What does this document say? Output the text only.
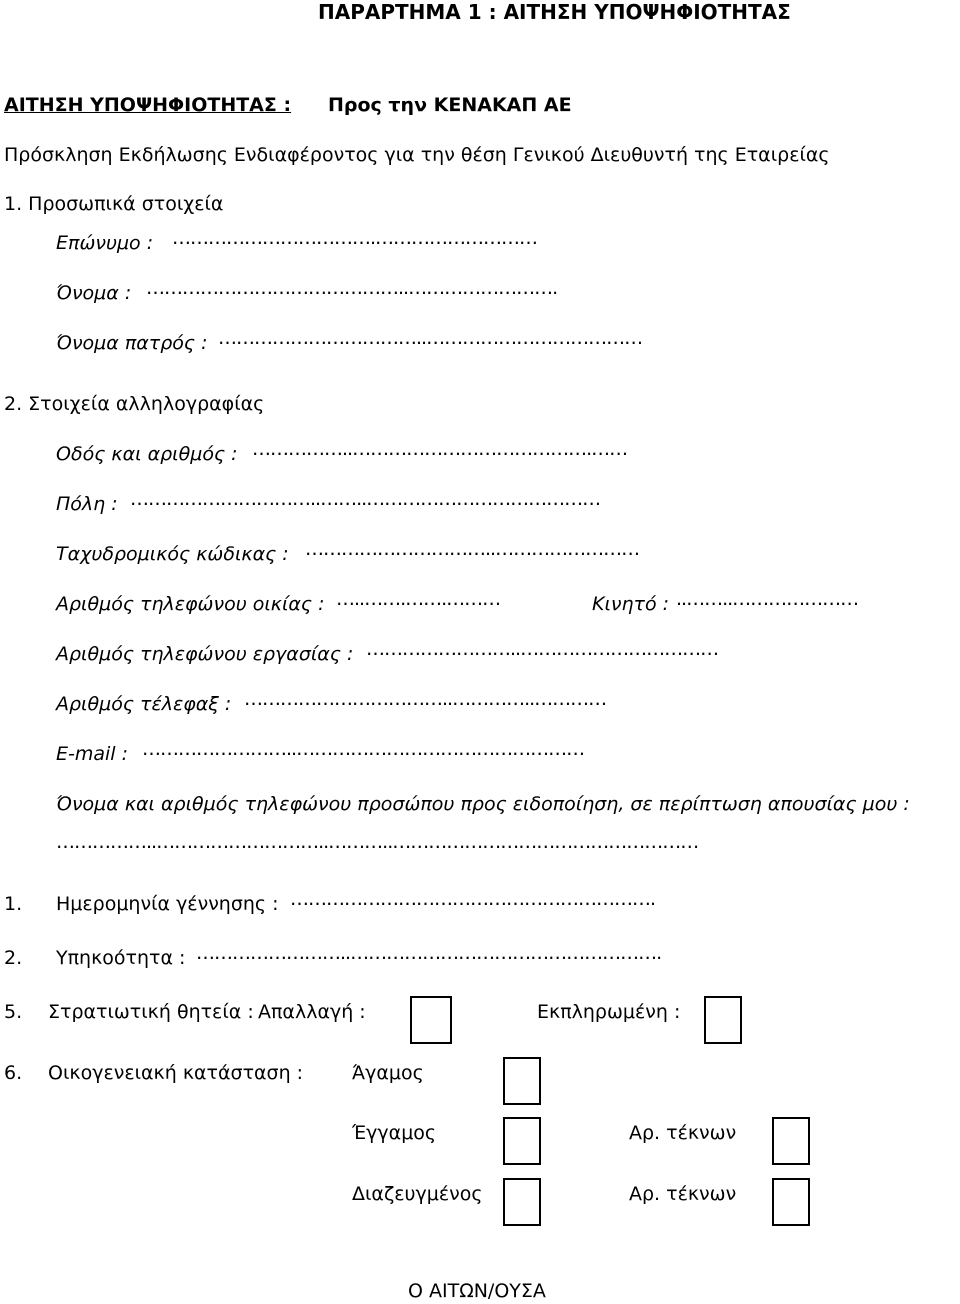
ΠΑΡΑΡΤΗΜΑ 1 : ΑΙΤΗΣΗ ΥΠΟΨΗΦΙΟΤΗΤΑΣ
ΑΙΤΗΣΗ ΥΠΟΨΗΦΙΟΤΗΤΑΣ : Προς την ΚΕΝΑΚΑΠ ΑΕ
Πρόσκληση Εκδήλωσης Ενδιαφέροντος για την θέση Γενικού Διευθυντή της Εταιρείας
1. Προσωπικά στοιχεία
Επώνυμο : …………………………….………………………
Όνομα : ……………………………………..…………………….
Όνομα πατρός : ……………………………..………………………………
2. Στοιχεία αλληλογραφίας
Οδός και αριθμός : ……………..………………………………….……
Πόλη : …………………………..……..…………………………………
Ταχυδρομικός κώδικας : …………………………..……………………
Αριθμός τηλεφώνου οικίας : …..…….…….………	Κινητό : ..……..…………………
Αριθμός τηλεφώνου εργασίας : ……………………..……………………………
Αριθμός τέλεφαξ : ……………………………..…………..…………
E-mail : ……………………..…………………………………………
Όνομα και αριθμός τηλεφώνου προσώπου προς ειδοποίηση, σε περίπτωση απουσίας μου :
……………..………………………..………..……………………………………………
1. Ημερομηνία γέννησης : …………………………………………………….
2. Υπηκοότητα : ……………………..…………………………………………….
5. Στρατιωτική θητεία : Απαλλαγή :	Εκπληρωμένη :
6. Οικογενειακή κατάσταση :	Άγαμος
Έγγαμος	Αρ. τέκνων
Διαζευγμένος	Αρ. τέκνων
Ο ΑΙΤΩΝ/ΟΥΣΑ
